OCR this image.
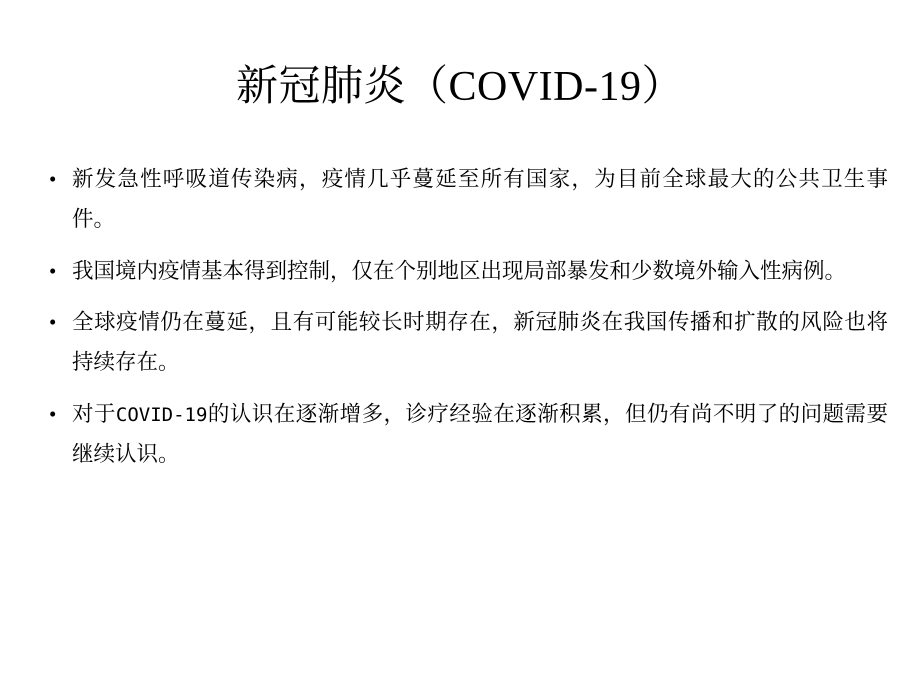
新冠肺炎（COVID-19）
• 新发急性呼吸道传染病，疫情几乎蔓延至所有国家，为目前全球最大的公共卫生事件。
• 我国境内疫情基本得到控制，仅在个别地区出现局部暴发和少数境外输入性病例。
• 全球疫情仍在蔓延，且有可能较长时期存在，新冠肺炎在我国传播和扩散的风险也将持续存在。
• 对于COVID-19的认识在逐渐增多，诊疗经验在逐渐积累，但仍有尚不明了的问题需要继续认识。
